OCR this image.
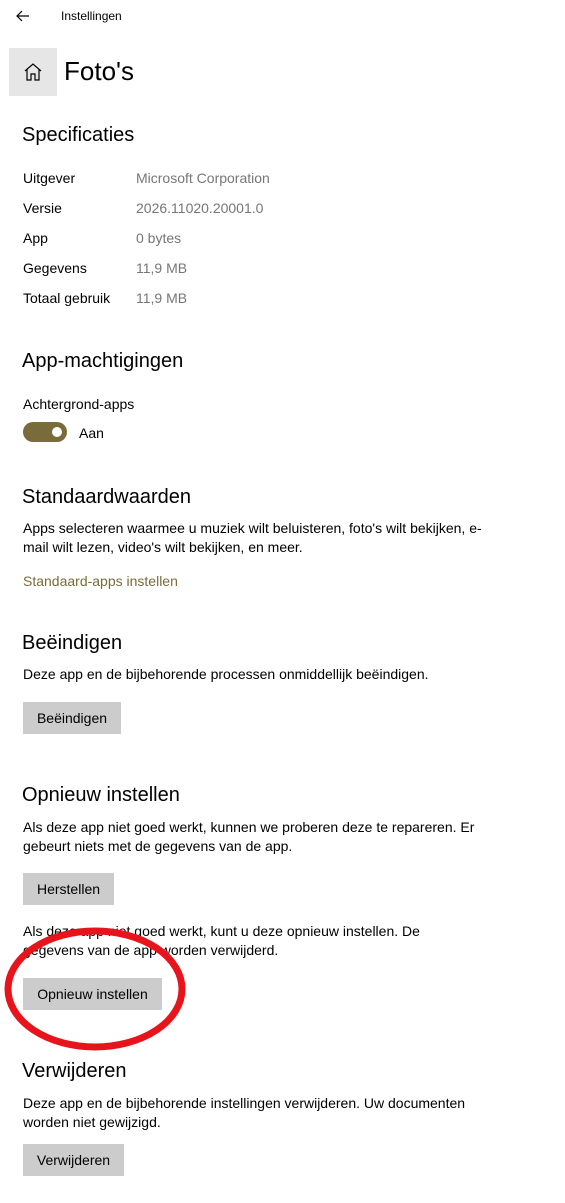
Instellingen
Foto's
Specificaties
Uitgever	Microsoft Corporation
Versie	2026.11020.20001.0
App	0 bytes
Gegevens	11,9 MB
Totaal gebruik 11,9 MB
App-machtigingen
Achtergrond-apps
Aan
Standaardwaarden
Apps selecteren waarmee u muziek wilt beluisteren, foto's wilt bekijken, e-mail wilt lezen, video's wilt bekijken, en meer.
Standaard-apps instellen
Beëindigen
Deze app en de bijbehorende processen onmiddellijk beëindigen.
Beëindigen
Opnieuw instellen
Als deze app niet goed werkt, kunnen we proberen deze te repareren. Er gebeurt niets met de gegevens van de app.
Herstellen
Als deze app niet goed werkt, kunt u deze opnieuw instellen. De gegevens van de app worden verwijderd.
Opnieuw instellen
Verwijderen
Deze app en de bijbehorende instellingen verwijderen. Uw documenten worden niet gewijzigd.
Verwijderen
